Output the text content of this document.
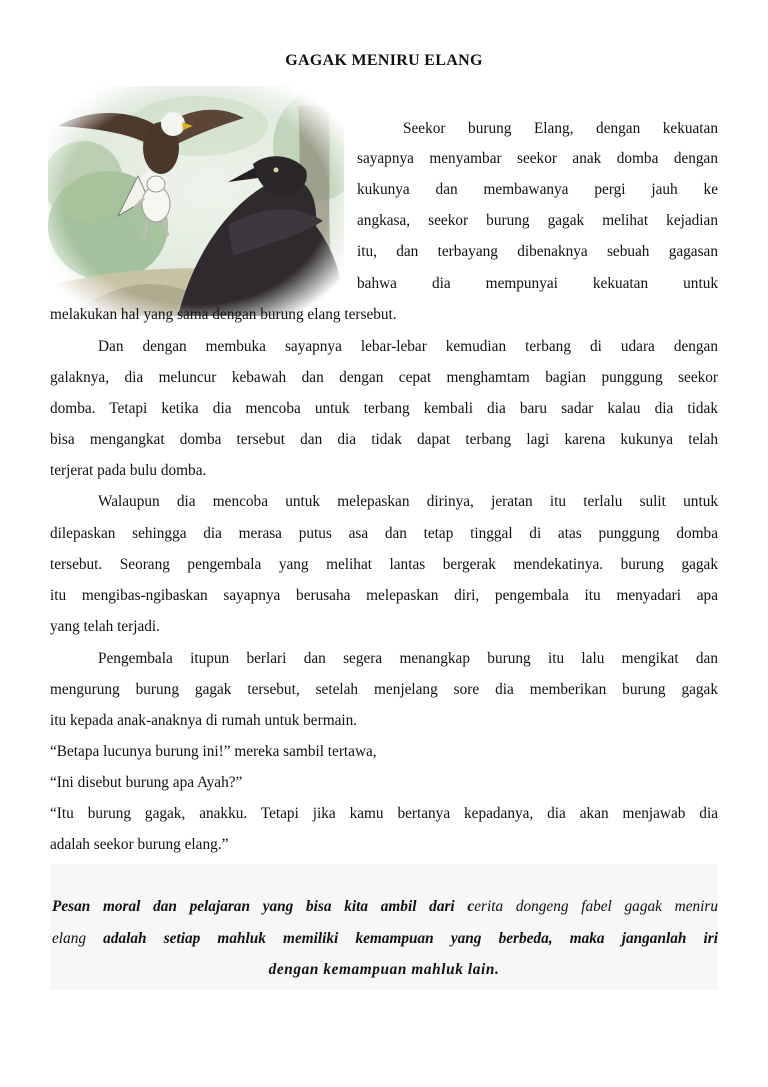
GAGAK MENIRU ELANG
Seekor burung Elang, dengan kekuatan
sayapnya menyambar seekor anak domba dengan
kukunya dan membawanya pergi jauh ke
angkasa, seekor burung gagak melihat kejadian
itu, dan terbayang dibenaknya sebuah gagasan
bahwa dia mempunyai kekuatan untuk
melakukan hal yang sama dengan burung elang tersebut.
Dan dengan membuka sayapnya lebar-lebar kemudian terbang di udara dengan
galaknya, dia meluncur kebawah dan dengan cepat menghamtam bagian punggung seekor
domba. Tetapi ketika dia mencoba untuk terbang kembali dia baru sadar kalau dia tidak
bisa mengangkat domba tersebut dan dia tidak dapat terbang lagi karena kukunya telah
terjerat pada bulu domba.
Walaupun dia mencoba untuk melepaskan dirinya, jeratan itu terlalu sulit untuk
dilepaskan sehingga dia merasa putus asa dan tetap tinggal di atas punggung domba
tersebut. Seorang pengembala yang melihat lantas bergerak mendekatinya. burung gagak
itu mengibas-ngibaskan sayapnya berusaha melepaskan diri, pengembala itu menyadari apa
yang telah terjadi.
Pengembala itupun berlari dan segera menangkap burung itu lalu mengikat dan
mengurung burung gagak tersebut, setelah menjelang sore dia memberikan burung gagak
itu kepada anak-anaknya di rumah untuk bermain.
“Betapa lucunya burung ini!” mereka sambil tertawa,
“Ini disebut burung apa Ayah?”
“Itu burung gagak, anakku. Tetapi jika kamu bertanya kepadanya, dia akan menjawab dia
adalah seekor burung elang.”
Pesan moral dan pelajaran yang bisa kita ambil dari cerita dongeng fabel gagak meniru
elang adalah setiap mahluk memiliki kemampuan yang berbeda, maka janganlah iri
dengan kemampuan mahluk lain.
